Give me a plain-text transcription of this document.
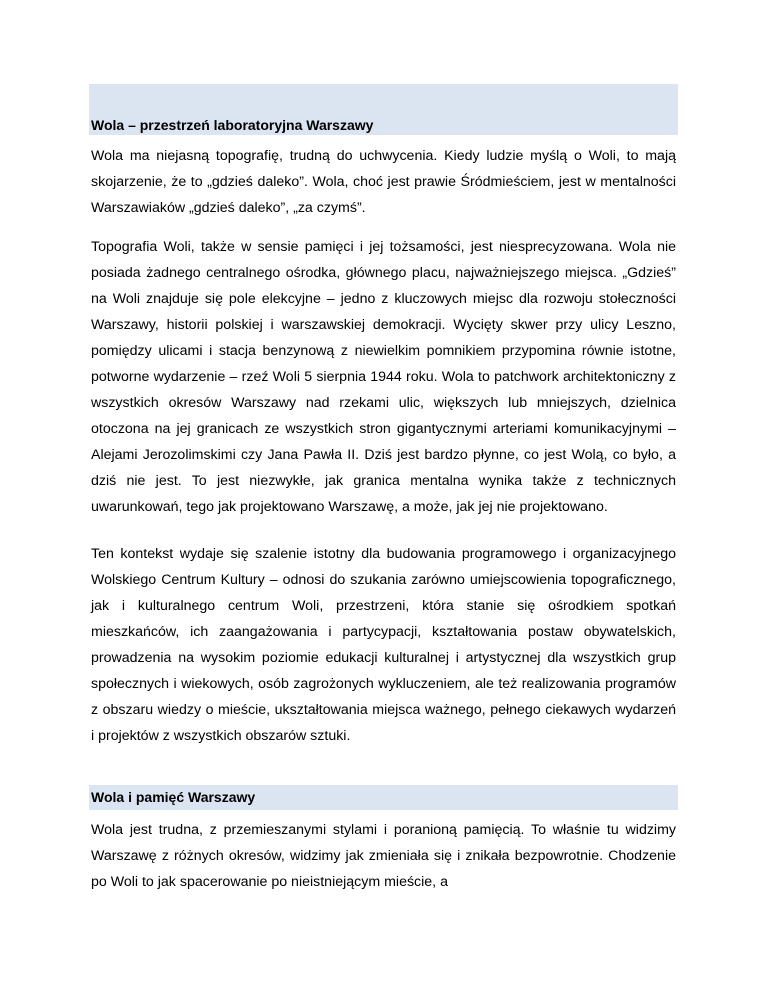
Wola – przestrzeń laboratoryjna Warszawy

Wola ma niejasną topografię, trudną do uchwycenia. Kiedy ludzie myślą o Woli, to mają skojarzenie, że to „gdzieś daleko”. Wola, choć jest prawie Śródmieściem, jest w mentalności Warszawiaków „gdzieś daleko”, „za czymś”.

Topografia Woli, także w sensie pamięci i jej tożsamości, jest niesprecyzowana. Wola nie posiada żadnego centralnego ośrodka, głównego placu, najważniejszego miejsca. „Gdzieś” na Woli znajduje się pole elekcyjne – jedno z kluczowych miejsc dla rozwoju stołeczności Warszawy, historii polskiej i warszawskiej demokracji. Wycięty skwer przy ulicy Leszno, pomiędzy ulicami i stacja benzynową z niewielkim pomnikiem przypomina równie istotne, potworne wydarzenie – rzeź Woli 5 sierpnia 1944 roku. Wola to patchwork architektoniczny z wszystkich okresów Warszawy nad rzekami ulic, większych lub mniejszych, dzielnica otoczona na jej granicach ze wszystkich stron gigantycznymi arteriami komunikacyjnymi – Alejami Jerozolimskimi czy Jana Pawła II. Dziś jest bardzo płynne, co jest Wolą, co było, a dziś nie jest. To jest niezwykłe, jak granica mentalna wynika także z technicznych uwarunkowań, tego jak projektowano Warszawę, a może, jak jej nie projektowano.

Ten kontekst wydaje się szalenie istotny dla budowania programowego i organizacyjnego Wolskiego Centrum Kultury – odnosi do szukania zarówno umiejscowienia topograficznego, jak i kulturalnego centrum Woli, przestrzeni, która stanie się ośrodkiem spotkań mieszkańców, ich zaangażowania i partycypacji, kształtowania postaw obywatelskich, prowadzenia na wysokim poziomie edukacji kulturalnej i artystycznej dla wszystkich grup społecznych i wiekowych, osób zagrożonych wykluczeniem, ale też realizowania programów z obszaru wiedzy o mieście, ukształtowania miejsca ważnego, pełnego ciekawych wydarzeń i projektów z wszystkich obszarów sztuki.

Wola i pamięć Warszawy

Wola jest trudna, z przemieszanymi stylami i poranioną pamięcią. To właśnie tu widzimy Warszawę z różnych okresów, widzimy jak zmieniała się i znikała bezpowrotnie. Chodzenie po Woli to jak spacerowanie po nieistniejącym mieście, a
